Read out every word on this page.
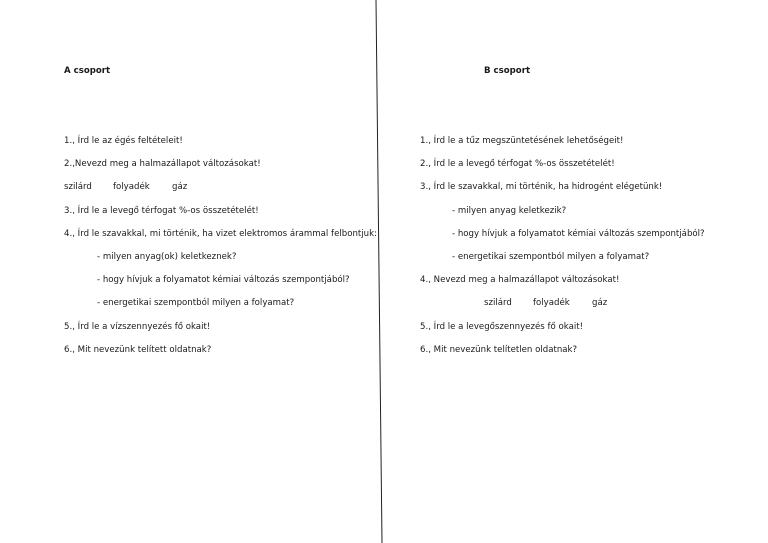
A csoport
1., Írd le az égés feltételeit!
2.,Nevezd meg a halmazállapot változásokat!
szilárd folyadék	gáz
3., Írd le a levegő térfogat %-os összetételét!
4., Írd le szavakkal, mi történik, ha vizet elektromos árammal felbontjuk:
- milyen anyag(ok) keletkeznek?
- hogy hívjuk a folyamatot kémiai változás szempontjából?
- energetikai szempontból milyen a folyamat?
5., Írd le a vízszennyezés fő okait!
6., Mit nevezünk telített oldatnak?
B csoport
1., Írd le a tűz megszüntetésének lehetőségeit!
2., Írd le a levegő térfogat %-os összetételét!
3., Írd le szavakkal, mi történik, ha hidrogént elégetünk!
- milyen anyag keletkezik?
- hogy hívjuk a folyamatot kémiai változás szempontjából?
- energetikai szempontból milyen a folyamat?
4., Nevezd meg a halmazállapot változásokat!
szilárd folyadék	gáz
5., Írd le a levegőszennyezés fő okait!
6., Mit nevezünk telítetlen oldatnak?
